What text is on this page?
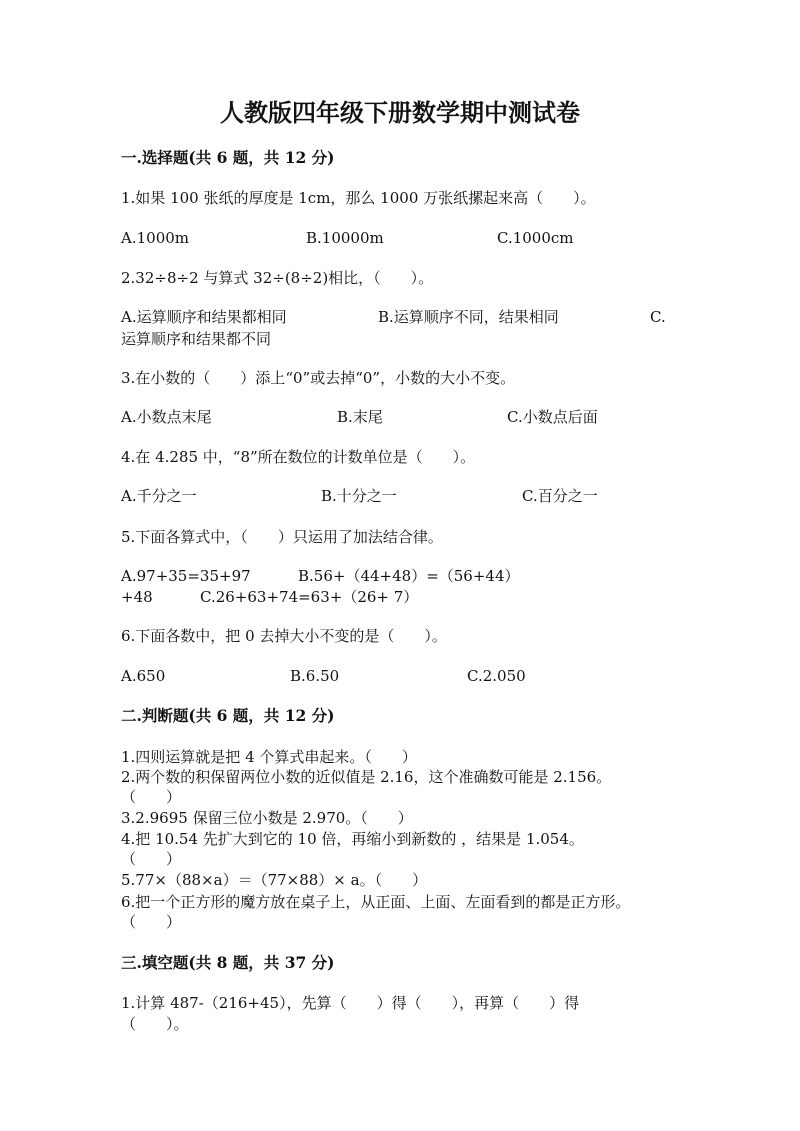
人教版四年级下册数学期中测试卷
一.选择题(共 6 题，共 12 分)
1.如果 100 张纸的厚度是 1cm，那么 1000 万张纸摞起来高（　　）。
A.1000m	B.10000m	C.1000cm
2.32÷8÷2 与算式 32÷(8÷2)相比，（　　）。
A.运算顺序和结果都相同	B.运算顺序不同，结果相同	C.
运算顺序和结果都不同
3.在小数的（　　）添上“0”或去掉“0”，小数的大小不变。
A.小数点末尾	B.末尾	C.小数点后面
4.在 4.285 中，“8”所在数位的计数单位是（　　）。
A.千分之一	B.十分之一	C.百分之一
5.下面各算式中，（　　）只运用了加法结合律。
A.97+35=35+97	B.56+（44+48）=（56+44）
+48	C.26+63+74=63+（26+ 7）
6.下面各数中，把 0 去掉大小不变的是（　　）。
A.650	B.6.50	C.2.050
二.判断题(共 6 题，共 12 分)
1.四则运算就是把 4 个算式串起来。（　　）
2.两个数的积保留两位小数的近似值是 2.16，这个准确数可能是 2.156。
（　　）
3.2.9695 保留三位小数是 2.970。（　　）
4.把 10.54 先扩大到它的 10 倍，再缩小到新数的 ，结果是 1.054。
（　　）
5.77×（88×a）＝（77×88）× a。（　　）
6.把一个正方形的魔方放在桌子上，从正面、上面、左面看到的都是正方形。
（　　）
三.填空题(共 8 题，共 37 分)
1.计算 487-（216+45），先算（　　）得（　　），再算（　　）得
（　　）。
